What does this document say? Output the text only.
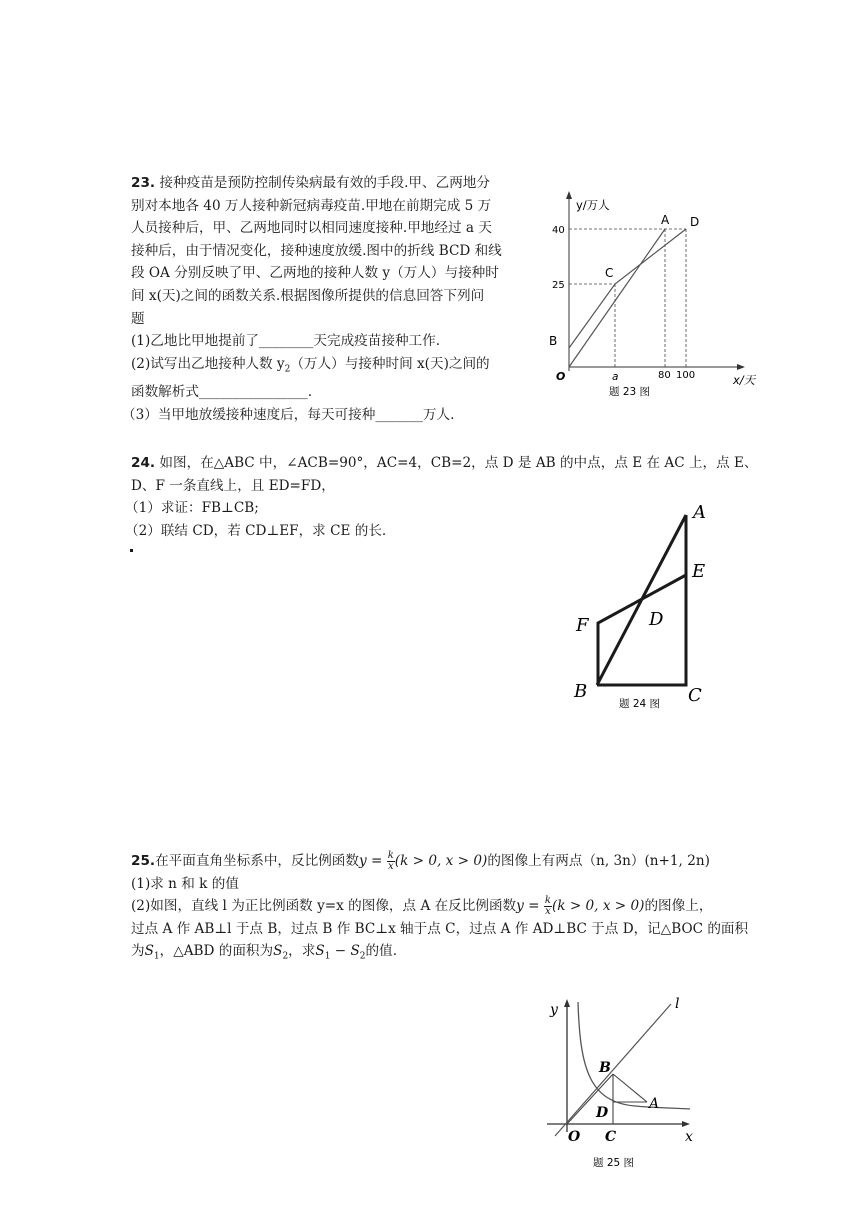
23. 接种疫苗是预防控制传染病最有效的手段.甲、乙两地分
别对本地各 40 万人接种新冠病毒疫苗.甲地在前期完成 5 万
人员接种后，甲、乙两地同时以相同速度接种.甲地经过 a 天
接种后，由于情况变化，接种速度放缓.图中的折线 BCD 和线
段 OA 分别反映了甲、乙两地的接种人数 y（万人）与接种时
间 x(天)之间的函数关系.根据图像所提供的信息回答下列问
题
(1)乙地比甲地提前了________天完成疫苗接种工作.
(2)试写出乙地接种人数 $y_2$（万人）与接种时间 x(天)之间的
函数解析式________________.
（3）当甲地放缓接种速度后，每天可接种_______万人.
y/万人
x/天
O
40
25
a	80 100
A D
C
B
题 23 图
24. 如图，在△ABC 中，∠ACB=90°，AC=4，CB=2，点 D 是 AB 的中点，点 E 在 AC 上，点 E、
D、F 一条直线上，且 ED=FD，
（1）求证：FB⊥CB;
（2）联结 CD，若 CD⊥EF，求 CE 的长.
A
E
D
F
B	C
题 24 图
25.在平面直角坐标系中，反比例函数$y = \frac{k}{x} (k > 0$, x > 0)的图像上有两点（n, 3n）(n+1, 2n)
(1)求 n 和 k 的值
(2)如图，直线 l 为正比例函数 y=x 的图像，点 A 在反比例函数$y = \frac{k}{x} (k > 0$, x > 0)的图像上，
过点 A 作 AB⊥l 于点 B，过点 B 作 BC⊥x 轴于点 C，过点 A 作 AD⊥BC 于点 D，记△BOC 的面积
为$S_1$，△ABD 的面积为$S_2$，求$S_1 - S_2$的值.
y	l
B
D
A
O C	x
题 25 图
